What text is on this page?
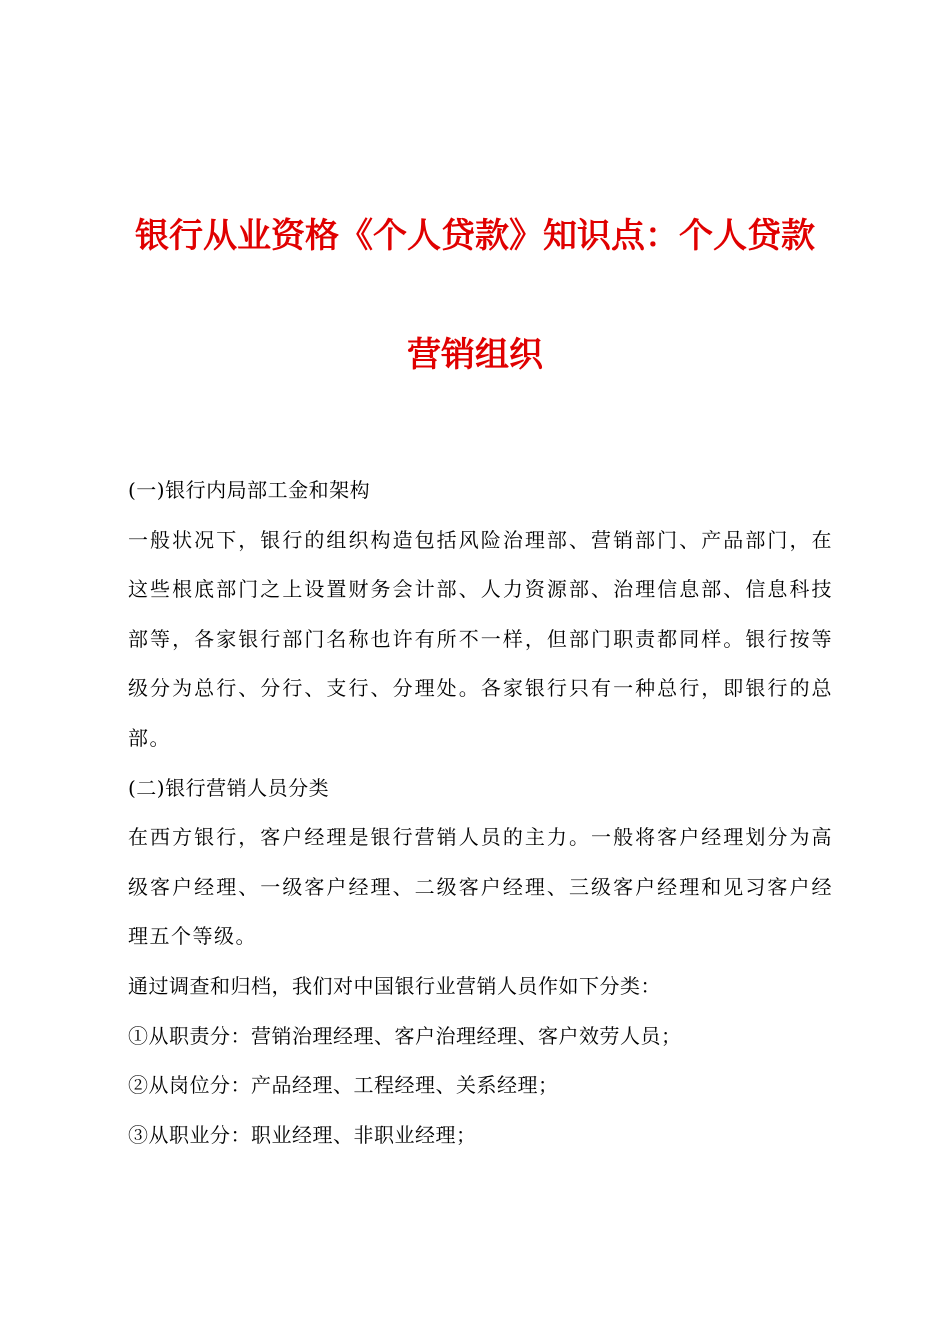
银行从业资格《个人贷款》知识点：个人贷款
营销组织

(一)银行内局部工金和架构

一般状况下，银行的组织构造包括风险治理部、营销部门、产品部门，在这些根底部门之上设置财务会计部、人力资源部、治理信息部、信息科技部等，各家银行部门名称也许有所不一样，但部门职责都同样。银行按等级分为总行、分行、支行、分理处。各家银行只有一种总行，即银行的总部。

(二)银行营销人员分类

在西方银行，客户经理是银行营销人员的主力。一般将客户经理划分为高级客户经理、一级客户经理、二级客户经理、三级客户经理和见习客户经理五个等级。

通过调查和归档，我们对中国银行业营销人员作如下分类：

①从职责分：营销治理经理、客户治理经理、客户效劳人员；

②从岗位分：产品经理、工程经理、关系经理；

③从职业分：职业经理、非职业经理；
